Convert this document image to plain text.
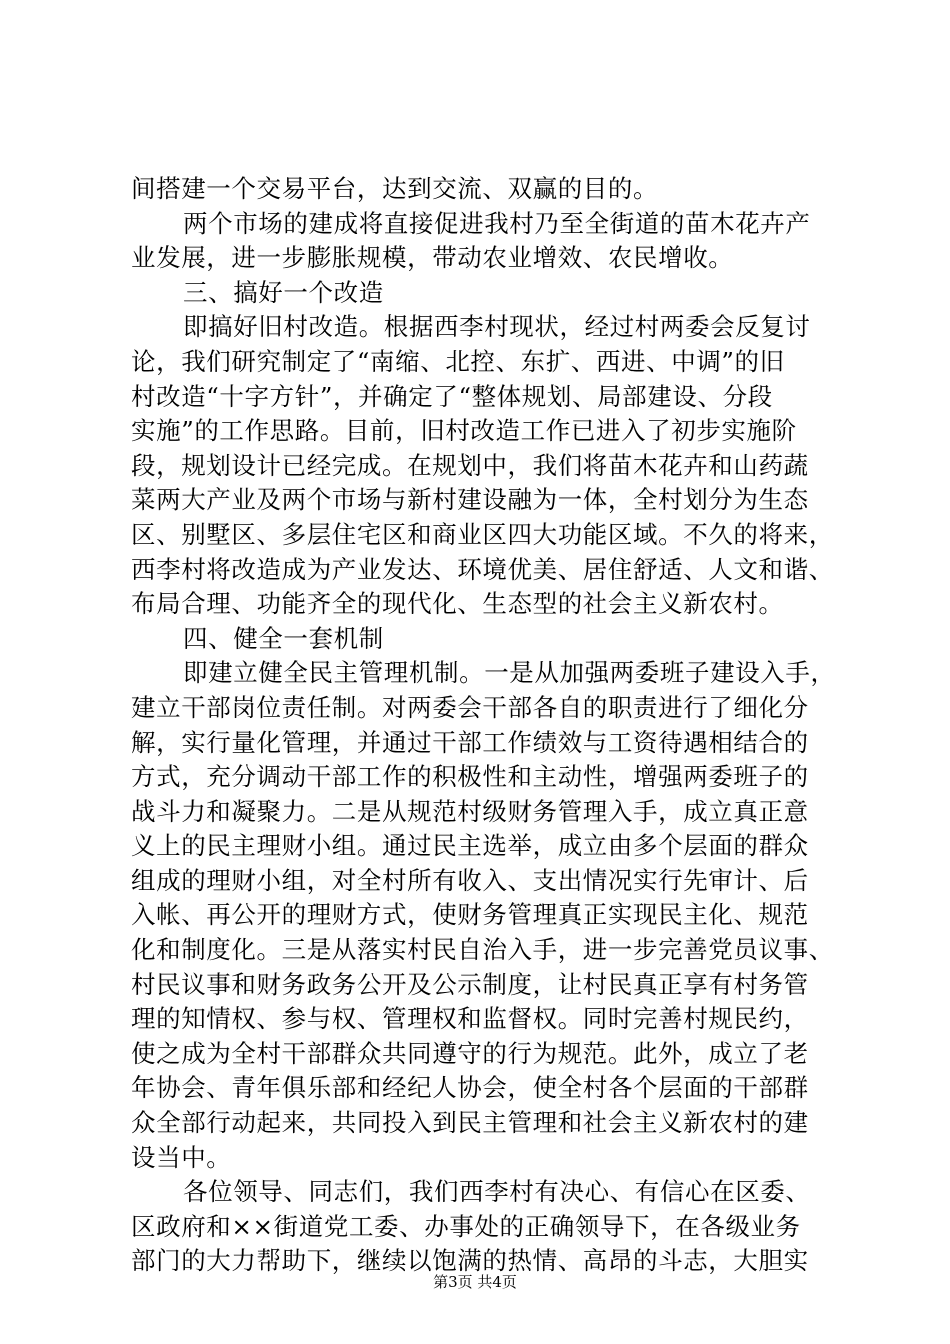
间搭建一个交易平台，达到交流、双赢的目的。
两个市场的建成将直接促进我村乃至全街道的苗木花卉产
业发展，进一步膨胀规模，带动农业增效、农民增收。
三、搞好一个改造
即搞好旧村改造。根据西李村现状，经过村两委会反复讨
论，我们研究制定了“南缩、北控、东扩、西进、中调”的旧
村改造“十字方针”，并确定了“整体规划、局部建设、分段
实施”的工作思路。目前，旧村改造工作已进入了初步实施阶
段，规划设计已经完成。在规划中，我们将苗木花卉和山药蔬
菜两大产业及两个市场与新村建设融为一体，全村划分为生态
区、别墅区、多层住宅区和商业区四大功能区域。不久的将来，
西李村将改造成为产业发达、环境优美、居住舒适、人文和谐、
布局合理、功能齐全的现代化、生态型的社会主义新农村。
四、健全一套机制
即建立健全民主管理机制。一是从加强两委班子建设入手，
建立干部岗位责任制。对两委会干部各自的职责进行了细化分
解，实行量化管理，并通过干部工作绩效与工资待遇相结合的
方式，充分调动干部工作的积极性和主动性，增强两委班子的
战斗力和凝聚力。二是从规范村级财务管理入手，成立真正意
义上的民主理财小组。通过民主选举，成立由多个层面的群众
组成的理财小组，对全村所有收入、支出情况实行先审计、后
入帐、再公开的理财方式，使财务管理真正实现民主化、规范
化和制度化。三是从落实村民自治入手，进一步完善党员议事、
村民议事和财务政务公开及公示制度，让村民真正享有村务管
理的知情权、参与权、管理权和监督权。同时完善村规民约，
使之成为全村干部群众共同遵守的行为规范。此外，成立了老
年协会、青年俱乐部和经纪人协会，使全村各个层面的干部群
众全部行动起来，共同投入到民主管理和社会主义新农村的建
设当中。
各位领导、同志们，我们西李村有决心、有信心在区委、
区政府和××街道党工委、办事处的正确领导下，在各级业务
部门的大力帮助下，继续以饱满的热情、高昂的斗志，大胆实
第3页 共4页
